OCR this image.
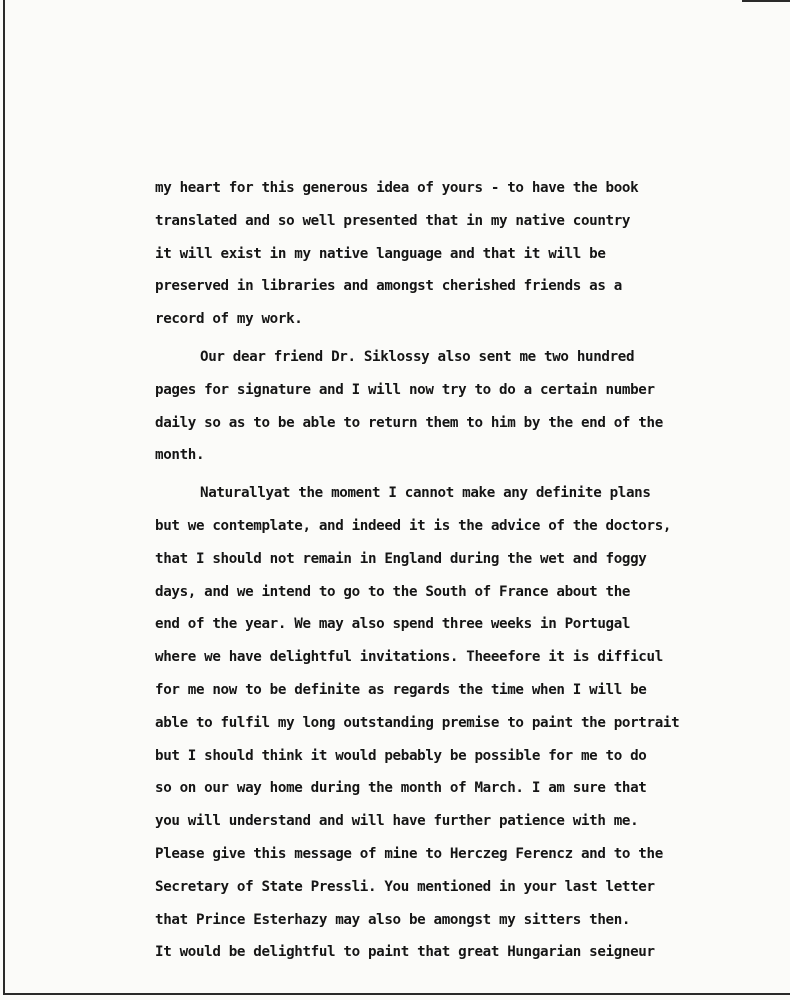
my heart for this generous idea of yours - to have the book
translated and so well presented that in my native country
it will exist in my native language and that it will be
preserved in libraries and amongst cherished friends as a
record of my work.
Our dear friend Dr. Siklossy also sent me two hundred
pages for signature and I will now try to do a certain number
daily so as to be able to return them to him by the end of the
month.
Naturallyat the moment I cannot make any definite plans
but we contemplate, and indeed it is the advice of the doctors,
that I should not remain in England during the wet and foggy
days, and we intend to go to the South of France about the
end of the year. We may also spend three weeks in Portugal
where we have delightful invitations. Theeefore it is difficul
for me now to be definite as regards the time when I will be
able to fulfil my long outstanding premise to paint the portrait
but I should think it would pebably be possible for me to do
so on our way home during the month of March. I am sure that
you will understand and will have further patience with me.
Please give this message of mine to Herczeg Ferencz and to the
Secretary of State Pressli. You mentioned in your last letter
that Prince Esterhazy may also be amongst my sitters then.
It would be delightful to paint that great Hungarian seigneur
